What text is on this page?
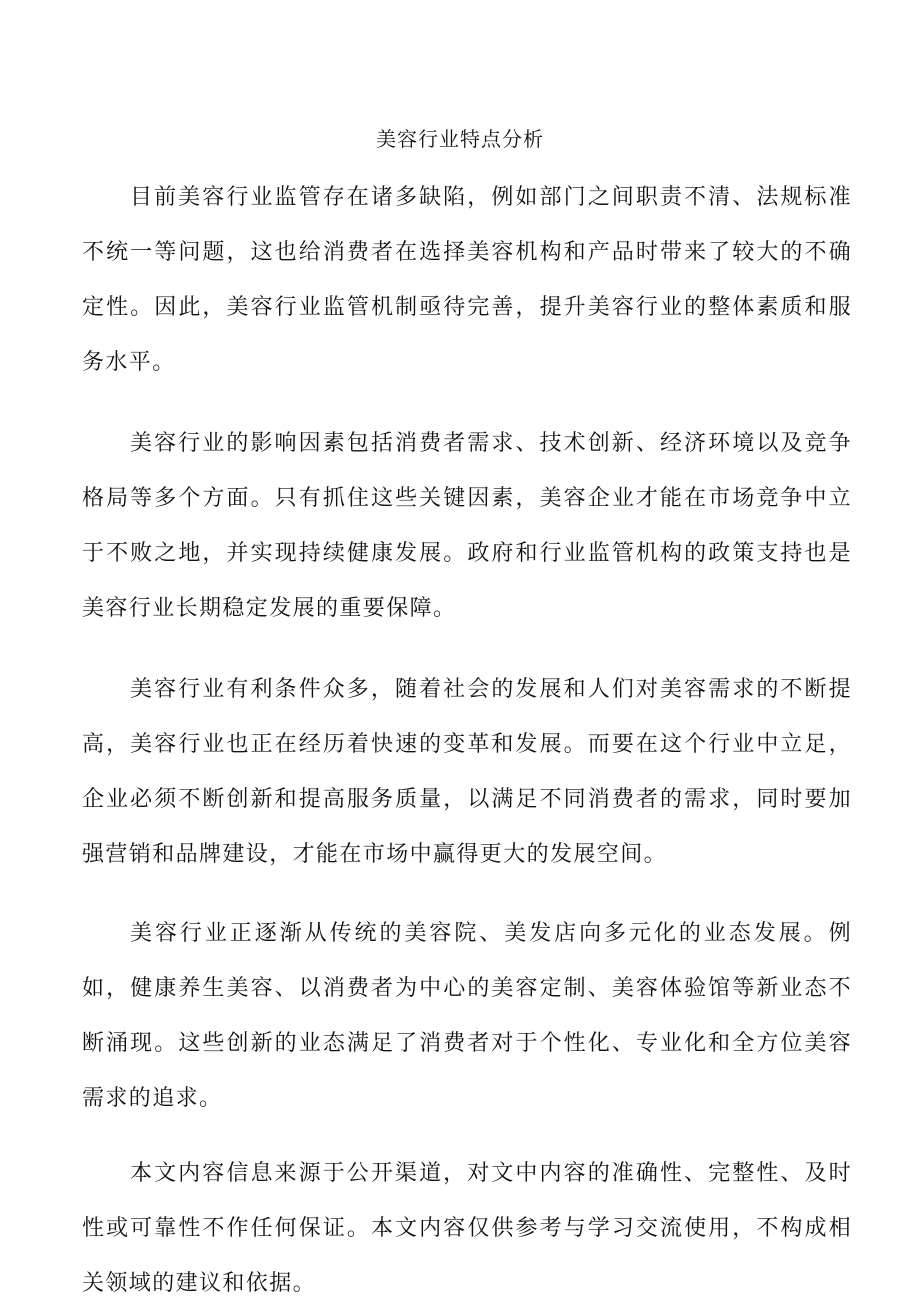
美容行业特点分析

目前美容行业监管存在诸多缺陷，例如部门之间职责不清、法规标准不统一等问题，这也给消费者在选择美容机构和产品时带来了较大的不确定性。因此，美容行业监管机制亟待完善，提升美容行业的整体素质和服务水平。

美容行业的影响因素包括消费者需求、技术创新、经济环境以及竞争格局等多个方面。只有抓住这些关键因素，美容企业才能在市场竞争中立于不败之地，并实现持续健康发展。政府和行业监管机构的政策支持也是美容行业长期稳定发展的重要保障。

美容行业有利条件众多，随着社会的发展和人们对美容需求的不断提高，美容行业也正在经历着快速的变革和发展。而要在这个行业中立足，企业必须不断创新和提高服务质量，以满足不同消费者的需求，同时要加强营销和品牌建设，才能在市场中赢得更大的发展空间。

美容行业正逐渐从传统的美容院、美发店向多元化的业态发展。例如，健康养生美容、以消费者为中心的美容定制、美容体验馆等新业态不断涌现。这些创新的业态满足了消费者对于个性化、专业化和全方位美容需求的追求。

本文内容信息来源于公开渠道，对文中内容的准确性、完整性、及时性或可靠性不作任何保证。本文内容仅供参考与学习交流使用，不构成相关领域的建议和依据。
